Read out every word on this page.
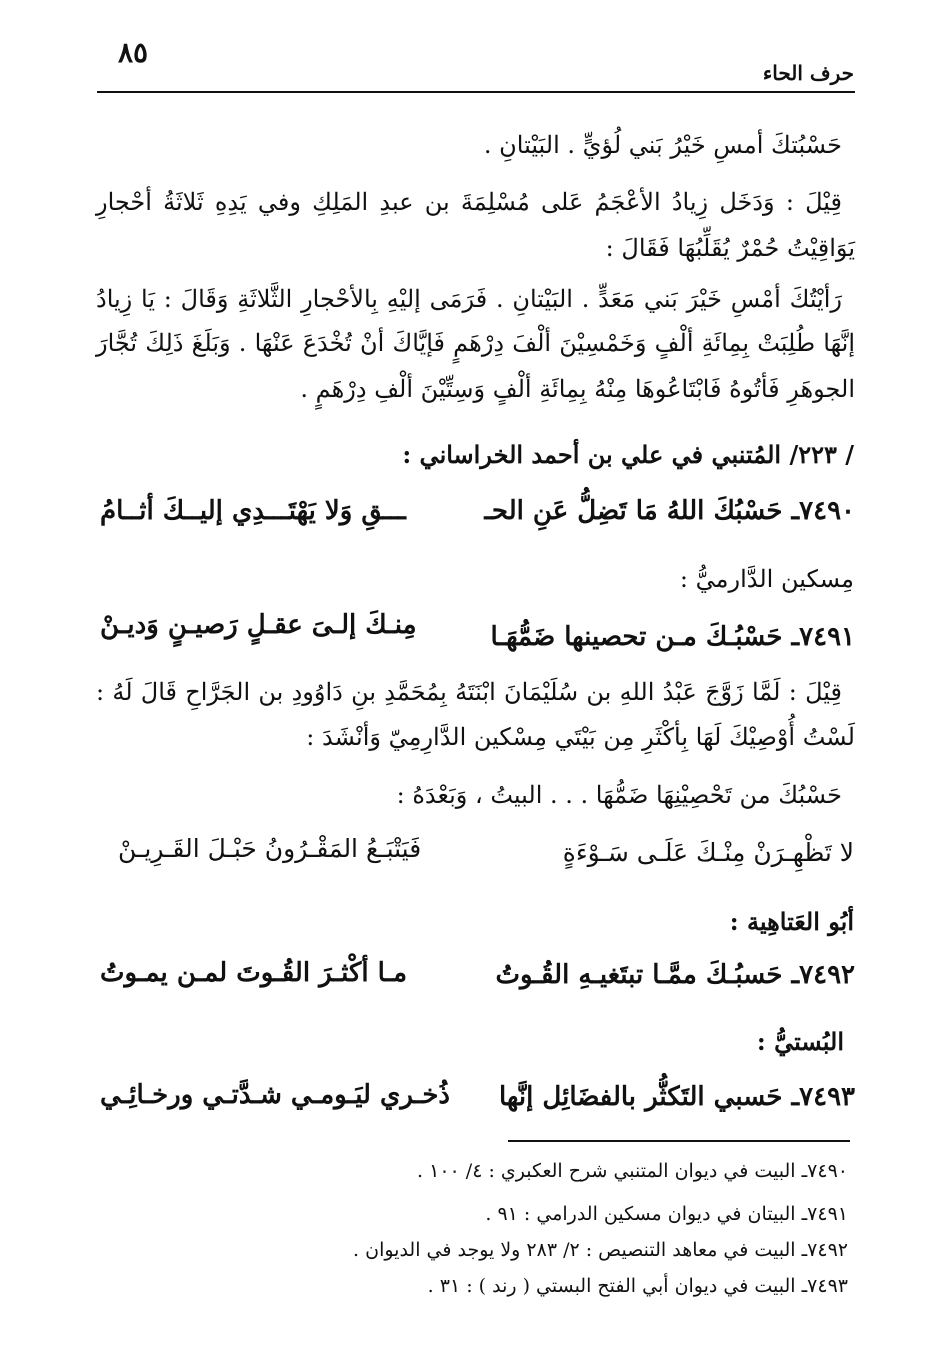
٨٥
حرف الحاء
حَسْبُتكَ أمسِ خَيْرُ بَني لُؤيٍّ . البَيْتانِ .
قِيْلَ : وَدَخَل زِيادُ الأعْجَمُ عَلى مُسْلِمَةَ بن عبدِ المَلِكِ وفي يَدِهِ ثَلاثَةُ أحْجارِ
يَوَاقِيْتُ حُمْرٌ يُقَلِّبُهَا فَقَالَ :
رَأيْتُكَ أمْسِ خَيْرَ بَني مَعَدٍّ . البَيْتانِ . فَرَمَى إليْهِ بِالأحْجارِ الثَّلاثَةِ وَقَالَ : يَا زِيادُ
إنَّهَا طُلِبَتْ بِمِائَةِ ألْفٍ وَخَمْسِيْنَ ألْفَ دِرْهَمٍ فَإيَّاكَ أنْ تُخْدَعَ عَنْهَا . وَبَلَغَ ذَلِكَ تُجَّارَ
الجوهَرِ فَأتُوهُ فَابْتَاعُوهَا مِنْهُ بِمِائَةِ ألْفٍ وَسِتِّيْنَ ألْفِ دِرْهَمٍ .
/ ٢٢٣/ المُتنبي في علي بن أحمد الخراساني :
٧٤٩٠ـ حَسْبُكَ اللهُ مَا تَضِلُّ عَنِ الحـ
ـــقِ وَلا يَهْتَـــدِي إليــكَ أثــامُ
مِسكين الدَّارميُّ :
٧٤٩١ـ حَسْبُـكَ مـن تحصينها ضَمُّهَـا
مِنـكَ إلـىَ عقـلٍ رَصيـنٍ وَديـنْ
قِيْلَ : لَمَّا زَوَّجَ عَبْدُ اللهِ بن سُلَيْمَانَ ابْنَتَهُ بِمُحَمَّدِ بنِ دَاوُودِ بن الجَرَّاحِ قَالَ لَهُ :
لَسْتُ أُوْصِيْكَ لَهَا بِأكْثَرِ مِن بَيْتَي مِسْكين الدَّارِمِيّ وَأنْشَدَ :
حَسْبُكَ من تَحْصِيْنِهَا ضَمُّهَا . . . البيتُ ، وَبَعْدَهُ :
لا تَظْهِـرَنْ مِنْـكَ عَلَـى سَـوْءَةٍ
فَيَتْبَـعُ المَقْـرُونُ حَبْـلَ القَـرِيـنْ
أبُو العَتاهِية :
٧٤٩٢ـ حَسبُـكَ ممَّـا تبتَغيـهِ القُـوتُ
مـا أكْثـرَ القُـوتَ لمـن يمـوتُ
البُستيُّ :
٧٤٩٣ـ حَسبي التَكثُّر بالفضَائِل إنَّها
ذُخـري ليَـومـي شـدَّتـي ورخـائِـي
٧٤٩٠ـ البيت في ديوان المتنبي شرح العكبري : ٤/ ١٠٠ .
٧٤٩١ـ البيتان في ديوان مسكين الدرامي : ٩١ .
٧٤٩٢ـ البيت في معاهد التنصيص : ٢/ ٢٨٣ ولا يوجد في الديوان .
٧٤٩٣ـ البيت في ديوان أبي الفتح البستي ( رند ) : ٣١ .
